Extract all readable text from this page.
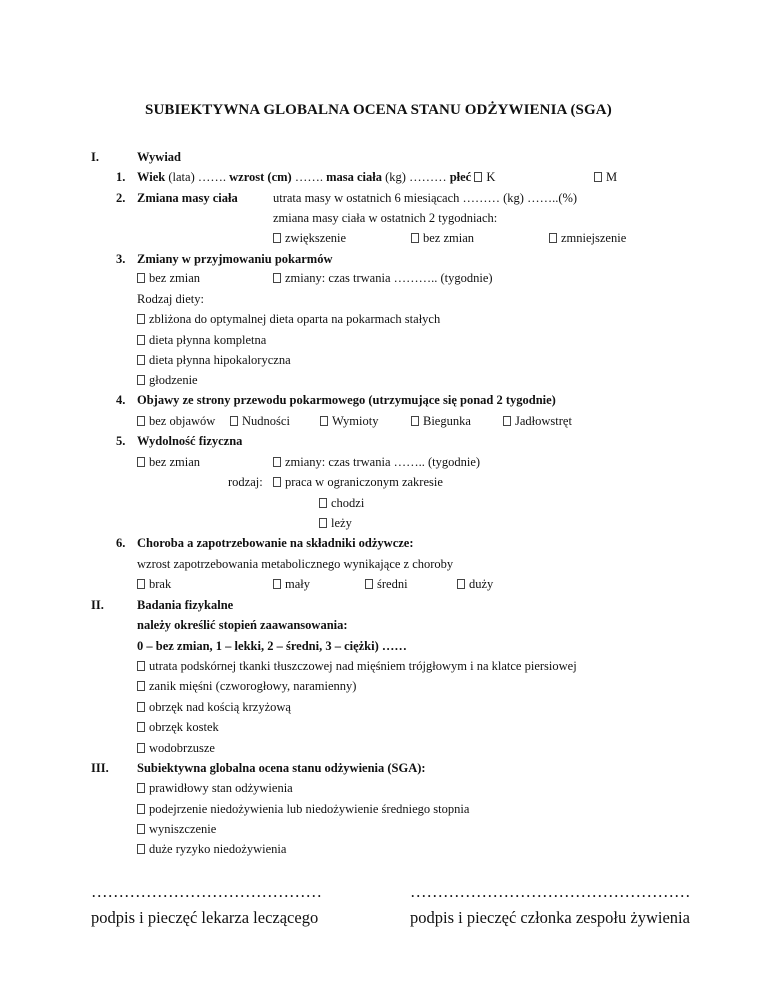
SUBIEKTYWNA GLOBALNA OCENA STANU ODŻYWIENIA (SGA)
I.	Wywiad
1. Wiek (lata) ……. wzrost (cm) ……. masa ciała (kg) ……… płeć K	M
2. Zmiana masy ciała	utrata masy w ostatnich 6 miesiącach ……… (kg) ……..(%)
zmiana masy ciała w ostatnich 2 tygodniach:
zwiększenie	bez zmian	zmniejszenie
3. Zmiany w przyjmowaniu pokarmów
bez zmian	zmiany: czas trwania ……….. (tygodnie)
Rodzaj diety:
zbliżona do optymalnej dieta oparta na pokarmach stałych
dieta płynna kompletna
dieta płynna hipokaloryczna
głodzenie
4. Objawy ze strony przewodu pokarmowego (utrzymujące się ponad 2 tygodnie)
bez objawów	Nudności	Wymioty	Biegunka	Jadłowstręt
5. Wydolność fizyczna
bez zmian	zmiany: czas trwania …….. (tygodnie)
rodzaj:	praca w ograniczonym zakresie
chodzi
leży
6. Choroba a zapotrzebowanie na składniki odżywcze:
wzrost zapotrzebowania metabolicznego wynikające z choroby
brak	mały	średni	duży
II.	Badania fizykalne
należy określić stopień zaawansowania:
0 – bez zmian, 1 – lekki, 2 – średni, 3 – ciężki) ……
utrata podskórnej tkanki tłuszczowej nad mięśniem trójgłowym i na klatce piersiowej
zanik mięśni (czworogłowy, naramienny)
obrzęk nad kością krzyżową
obrzęk kostek
wodobrzusze
III. Subiektywna globalna ocena stanu odżywienia (SGA):
prawidłowy stan odżywienia
podejrzenie niedożywienia lub niedożywienie średniego stopnia
wyniszczenie
duże ryzyko niedożywienia
……………………………………	……………………………………………
podpis i pieczęć lekarza leczącego	podpis i pieczęć członka zespołu żywienia
